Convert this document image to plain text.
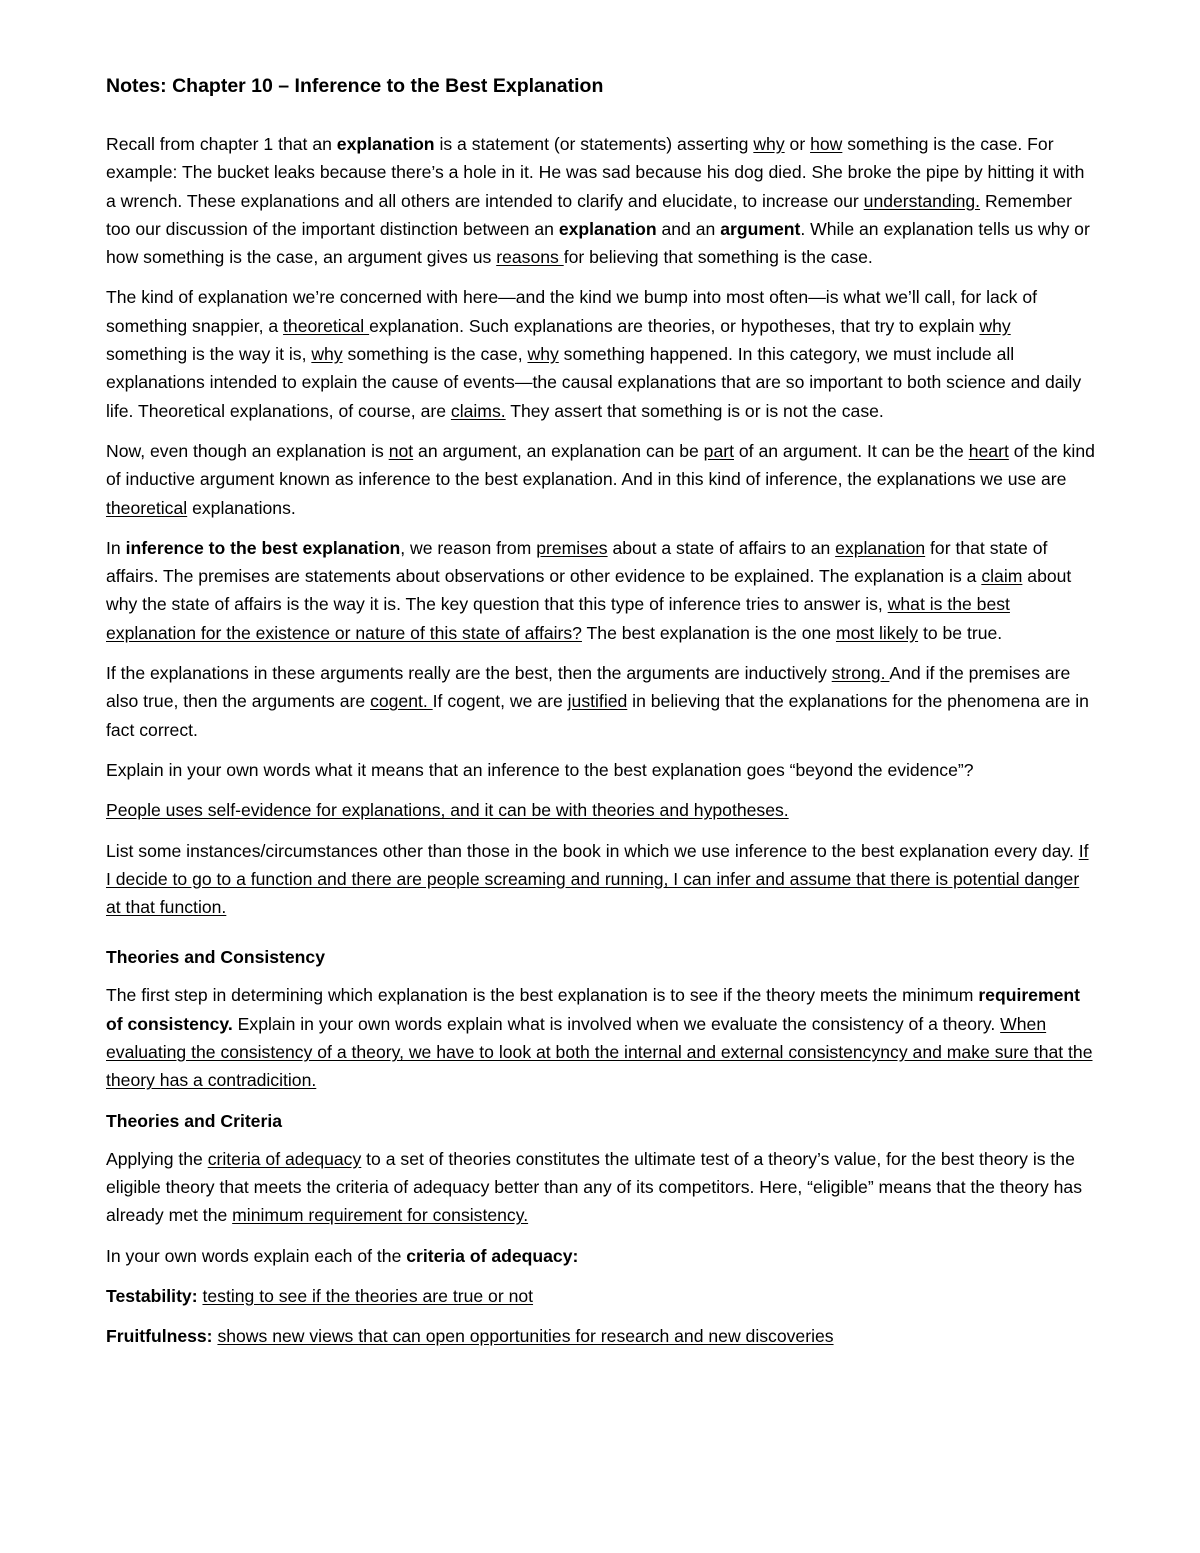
Notes: Chapter 10 – Inference to the Best Explanation

Recall from chapter 1 that an explanation is a statement (or statements) asserting why or how something is the case. For example: The bucket leaks because there’s a hole in it. He was sad because his dog died. She broke the pipe by hitting it with a wrench. These explanations and all others are intended to clarify and elucidate, to increase our understanding. Remember too our discussion of the important distinction between an explanation and an argument. While an explanation tells us why or how something is the case, an argument gives us reasons for believing that something is the case.

The kind of explanation we’re concerned with here—and the kind we bump into most often—is what we’ll call, for lack of something snappier, a theoretical explanation. Such explanations are theories, or hypotheses, that try to explain why something is the way it is, why something is the case, why something happened. In this category, we must include all explanations intended to explain the cause of events—the causal explanations that are so important to both science and daily life. Theoretical explanations, of course, are claims. They assert that something is or is not the case.

Now, even though an explanation is not an argument, an explanation can be part of an argument. It can be the heart of the kind of inductive argument known as inference to the best explanation. And in this kind of inference, the explanations we use are theoretical explanations.

In inference to the best explanation, we reason from premises about a state of affairs to an explanation for that state of affairs. The premises are statements about observations or other evidence to be explained. The explanation is a claim about why the state of affairs is the way it is. The key question that this type of inference tries to answer is, what is the best explanation for the existence or nature of this state of affairs? The best explanation is the one most likely to be true.

If the explanations in these arguments really are the best, then the arguments are inductively strong. And if the premises are also true, then the arguments are cogent. If cogent, we are justified in believing that the explanations for the phenomena are in fact correct.

Explain in your own words what it means that an inference to the best explanation goes “beyond the evidence”?

People uses self-evidence for explanations, and it can be with theories and hypotheses.

List some instances/circumstances other than those in the book in which we use inference to the best explanation every day. If I decide to go to a function and there are people screaming and running, I can infer and assume that there is potential danger at that function.

Theories and Consistency

The first step in determining which explanation is the best explanation is to see if the theory meets the minimum requirement of consistency. Explain in your own words explain what is involved when we evaluate the consistency of a theory. When evaluating the consistency of a theory, we have to look at both the internal and external consistencyncy and make sure that the theory has a contradicition.

Theories and Criteria

Applying the criteria of adequacy to a set of theories constitutes the ultimate test of a theory’s value, for the best theory is the eligible theory that meets the criteria of adequacy better than any of its competitors. Here, “eligible” means that the theory has already met the minimum requirement for consistency.

In your own words explain each of the criteria of adequacy:

Testability: testing to see if the theories are true or not

Fruitfulness: shows new views that can open opportunities for research and new discoveries
